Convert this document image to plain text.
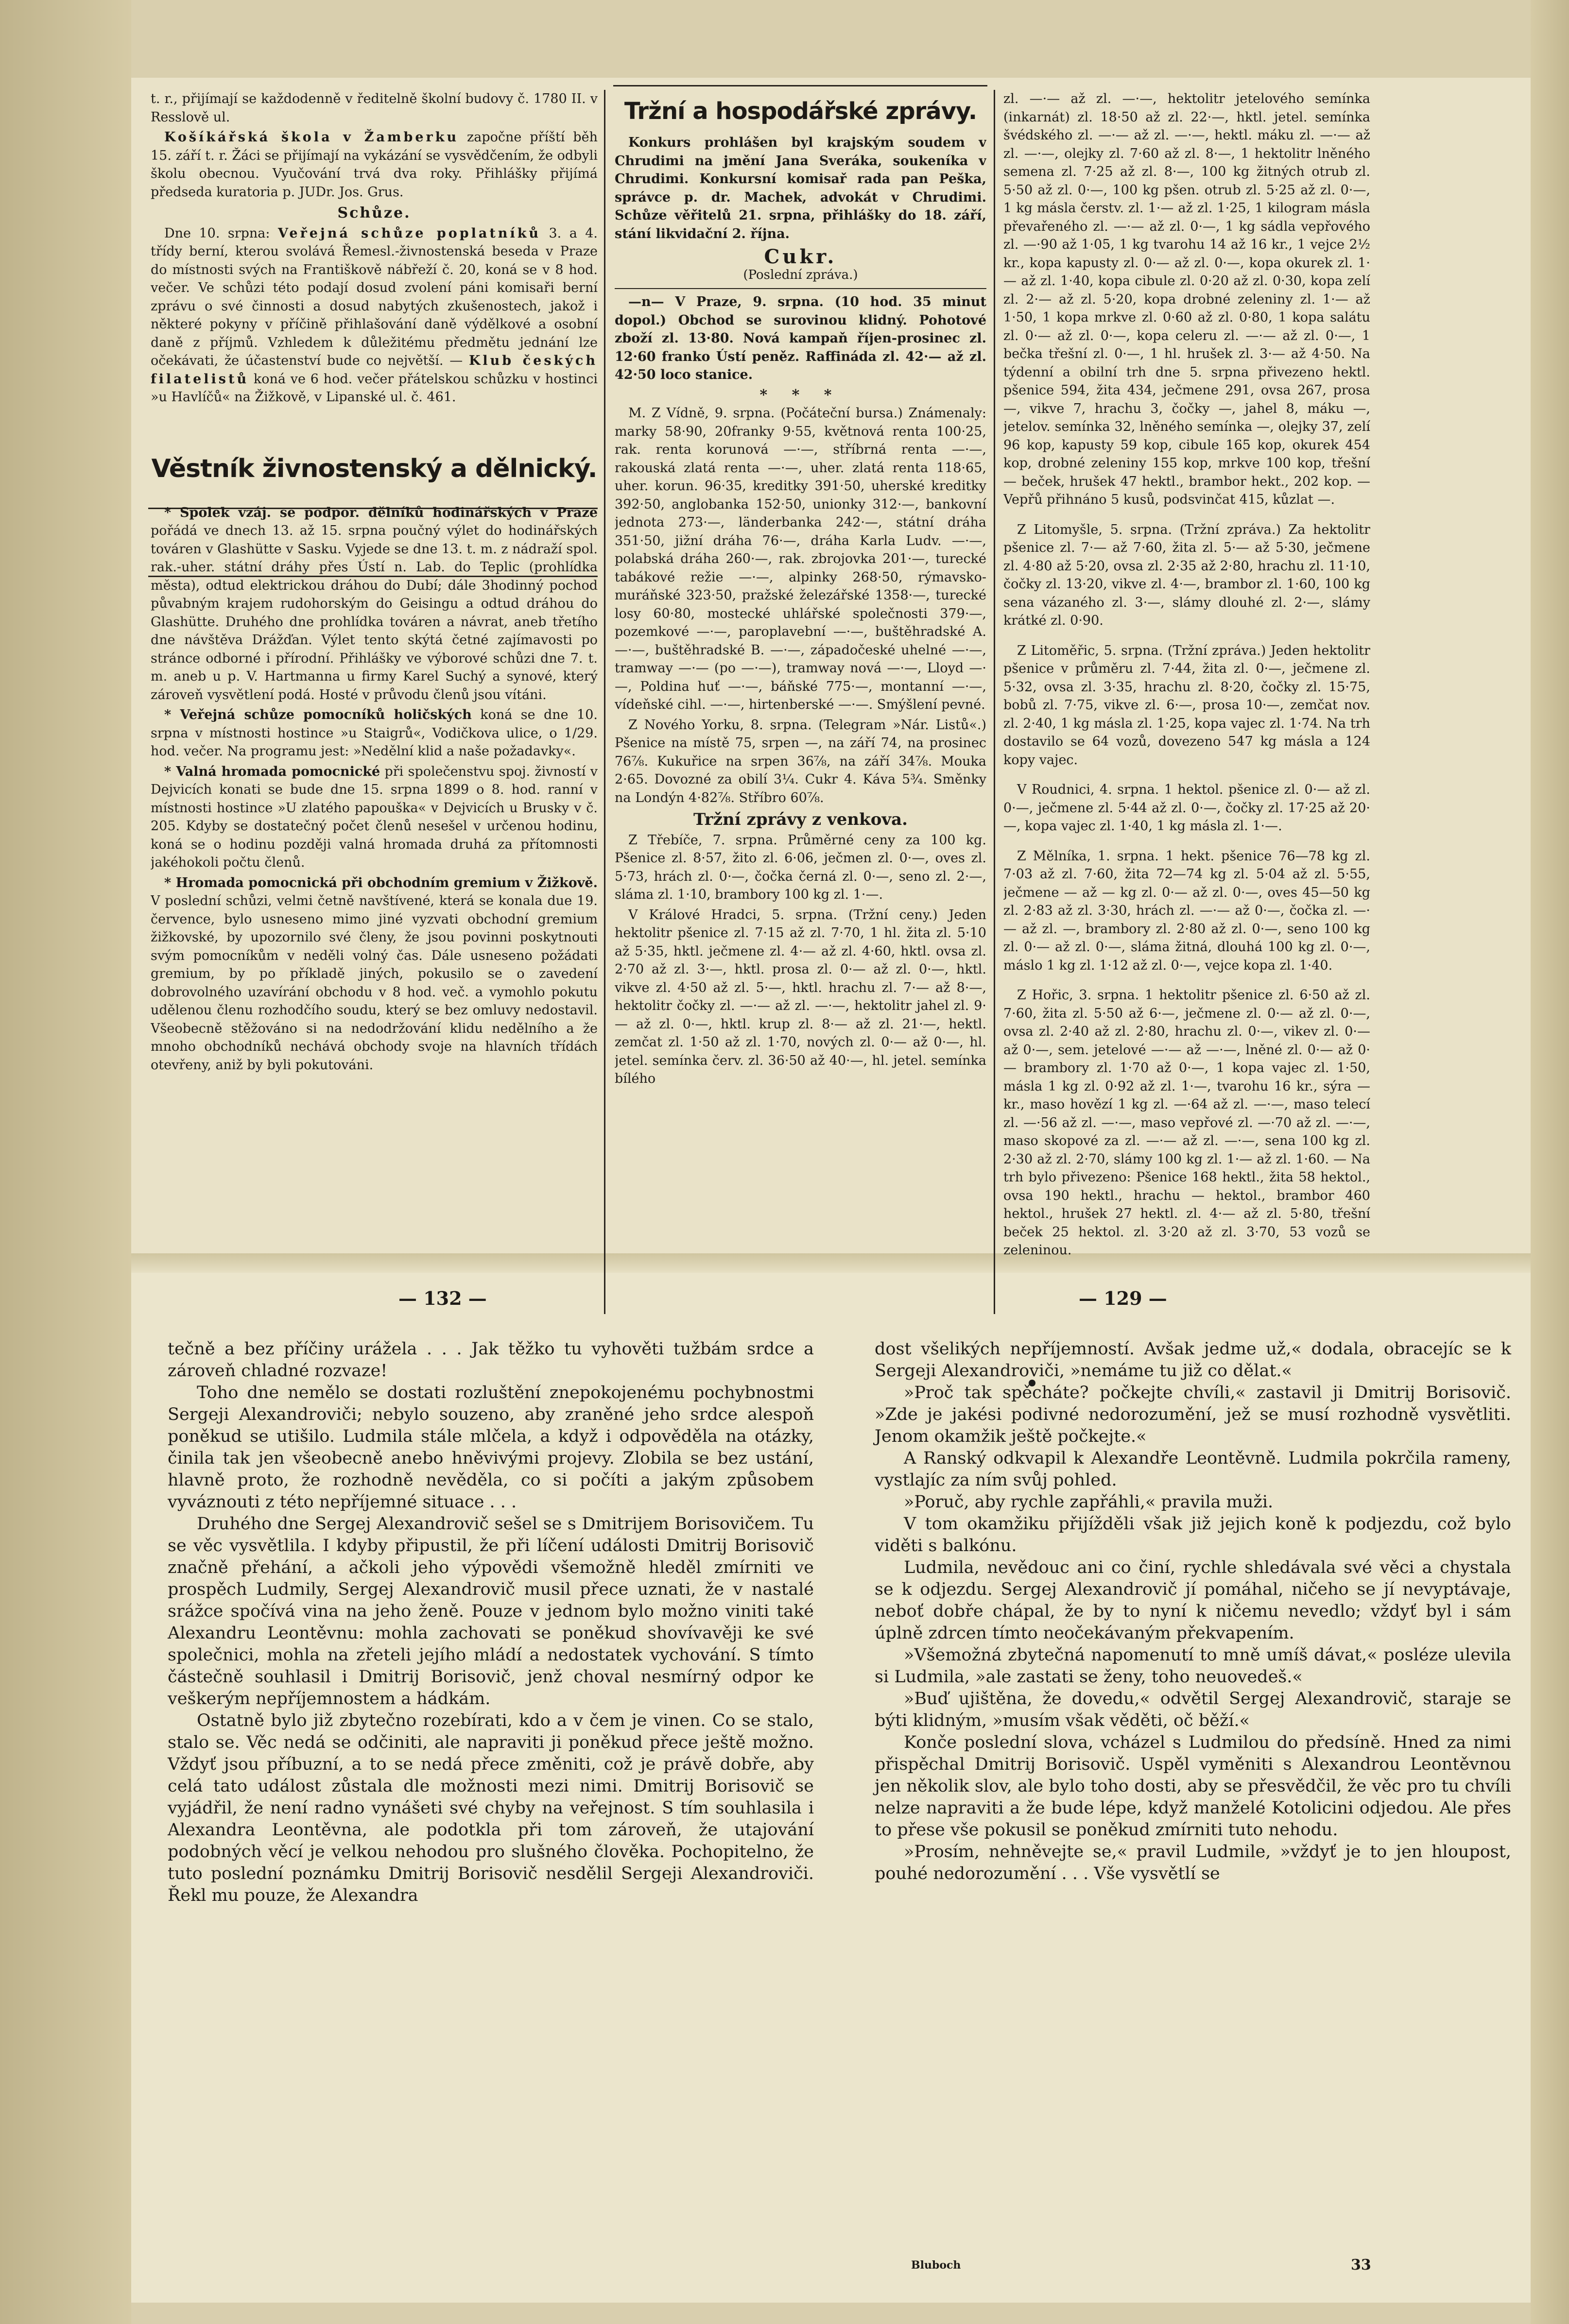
t. r., přijímají se každodenně v ředitelně školní budovy č. 1780 II. v Resslově ul.

Košíkářská škola v Žamberku započne příští běh 15. září t. r. Žáci se přijímají na vykázání se vysvědčením, že odbyli školu obecnou. Vyučování trvá dva roky. Přihlášky přijímá předseda kuratoria p. JUDr. Jos. Grus.

Schůze.

Dne 10. srpna: Veřejná schůze poplatníků 3. a 4. třídy berní, kterou svolává Řemesl.-živnostenská beseda v Praze do místnosti svých na Františkově nábřeží č. 20, koná se v 8 hod. večer. Ve schůzi této podají dosud zvolení páni komisaři berní zprávu o své činnosti a dosud nabytých zkušenostech, jakož i některé pokyny v příčině přihlašování daně výdělkové a osobní daně z příjmů. Vzhledem k důležitému předmětu jednání lze očekávati, že účastenství bude co největší. — Klub českých filatelistů koná ve 6 hod. večer přátelskou schůzku v hostinci »u Havlíčů« na Žižkově, v Lipanské ul. č. 461.

Věstník živnostenský a dělnický.

* Spolek vzáj. se podpor. dělníků hodinářských v Praze pořádá ve dnech 13. až 15. srpna poučný výlet do hodinářských továren v Glashütte v Sasku. Vyjede se dne 13. t. m. z nádraží spol. rak.-uher. státní dráhy přes Ústí n. Lab. do Teplic (prohlídka města), odtud elektrickou dráhou do Dubí; dále 3hodinný pochod půvabným krajem rudohorským do Geisingu a odtud dráhou do Glashütte. Druhého dne prohlídka továren a návrat, aneb třetího dne návštěva Drážďan. Výlet tento skýtá četné zajímavosti po stránce odborné i přírodní. Přihlášky ve výborové schůzi dne 7. t. m. aneb u p. V. Hartmanna u firmy Karel Suchý a synové, který zároveň vysvětlení podá. Hosté v průvodu členů jsou vítáni.

* Veřejná schůze pomocníků holičských koná se dne 10. srpna v místnosti hostince »u Staigrů«, Vodičkova ulice, o 1/29. hod. večer. Na programu jest: »Nedělní klid a naše požadavky«.

* Valná hromada pomocnické při společenstvu spoj. živností v Dejvicích konati se bude dne 15. srpna 1899 o 8. hod. ranní v místnosti hostince »U zlatého papouška« v Dejvicích u Brusky v č. 205. Kdyby se dostatečný počet členů nesešel v určenou hodinu, koná se o hodinu později valná hromada druhá za přítomnosti jakéhokoli počtu členů.

* Hromada pomocnická při obchodním gremium v Žižkově. V poslední schůzi, velmi četně navštívené, která se konala due 19. července, bylo usneseno mimo jiné vyzvati obchodní gremium žižkovské, by upozornilo své členy, že jsou povinni poskytnouti svým pomocníkům v neděli volný čas. Dále usneseno požádati gremium, by po příkladě jiných, pokusilo se o zavedení dobrovolného uzavírání obchodu v 8 hod. več. a vymohlo pokutu udělenou členu rozhodčího soudu, který se bez omluvy nedostavil. Všeobecně stěžováno si na nedodržování klidu nedělního a že mnoho obchodníků nechává obchody svoje na hlavních třídách otevřeny, aniž by byli pokutováni.

Tržní a hospodářské zprávy.

Konkurs prohlášen byl krajským soudem v Chrudimi na jmění Jana Sveráka, soukeníka v Chrudimi. Konkursní komisař rada pan Peška, správce p. dr. Machek, advokát v Chrudimi. Schůze věřitelů 21. srpna, přihlášky do 18. září, stání likvidační 2. října.

Cukr.
(Poslední zpráva.)

—n— V Praze, 9. srpna. (10 hod. 35 minut dopol.) Obchod se surovinou klidný. Pohotové zboží zl. 13·80. Nová kampaň říjen-prosinec zl. 12·60 franko Ústí peněz. Raffináda zl. 42·— až zl. 42·50 loco stanice.

* * *

M. Z Vídně, 9. srpna. (Počáteční bursa.) Známenaly: marky 58·90, 20franky 9·55, květnová renta 100·25, rak. renta korunová —·—, stříbrná renta —·—, rakouská zlatá renta —·—, uher. zlatá renta 118·65, uher. korun. 96·35, kreditky 391·50, uherské kreditky 392·50, anglobanka 152·50, unionky 312·—, bankovní jednota 273·—, länderbanka 242·—, státní dráha 351·50, jižní dráha 76·—, dráha Karla Ludv. —·—, polabská dráha 260·—, rak. zbrojovka 201·—, turecké tabákové režie —·—, alpinky 268·50, rýmavsko-muráňské 323·50, pražské železářské 1358·—, turecké losy 60·80, mostecké uhlářské společnosti 379·—, pozemkové —·—, paroplavební —·—, buštěhradské A. —·—, buštěhradské B. —·—, západočeské uhelné —·—, tramway —·— (po —·—), tramway nová —·—, Lloyd —·—, Poldina huť —·—, báňské 775·—, montanní —·—, vídeňské cihl. —·—, hirtenberské —·—. Smýšlení pevné.

Z Nového Yorku, 8. srpna. (Telegram »Nár. Listů«.) Pšenice na místě 75, srpen —, na září 74, na prosinec 76⅞. Kukuřice na srpen 36⅞, na září 34⅞. Mouka 2·65. Dovozné za obilí 3¼. Cukr 4. Káva 5¾. Směnky na Londýn 4·82⅞. Stříbro 60⅞.

Tržní zprávy z venkova.

Z Třebíče, 7. srpna. Průměrné ceny za 100 kg. Pšenice zl. 8·57, žito zl. 6·06, ječmen zl. 0·—, oves zl. 5·73, hrách zl. 0·—, čočka černá zl. 0·—, seno zl. 2·—, sláma zl. 1·10, brambory 100 kg zl. 1·—.

V Králové Hradci, 5. srpna. (Tržní ceny.) Jeden hektolitr pšenice zl. 7·15 až zl. 7·70, 1 hl. žita zl. 5·10 až 5·35, hktl. ječmene zl. 4·— až zl. 4·60, hktl. ovsa zl. 2·70 až zl. 3·—, hktl. prosa zl. 0·— až zl. 0·—, hktl. vikve zl. 4·50 až zl. 5·—, hktl. hrachu zl. 7·— až 8·—, hektolitr čočky zl. —·— až zl. —·—, hektolitr jahel zl. 9·— až zl. 0·—, hktl. krup zl. 8·— až zl. 21·—, hektl. zemčat zl. 1·50 až zl. 1·70, nových zl. 0·— až 0·—, hl. jetel. semínka červ. zl. 36·50 až 40·—, hl. jetel. semínka bílého

zl. —·— až zl. —·—, hektolitr jetelového semínka (inkarnát) zl. 18·50 až zl. 22·—, hktl. jetel. semínka švédského zl. —·— až zl. —·—, hektl. máku zl. —·— až zl. —·—, olejky zl. 7·60 až zl. 8·—, 1 hektolitr lněného semena zl. 7·25 až zl. 8·—, 100 kg žitných otrub zl. 5·50 až zl. 0·—, 100 kg pšen. otrub zl. 5·25 až zl. 0·—, 1 kg másla čerstv. zl. 1·— až zl. 1·25, 1 kilogram másla převařeného zl. —·— až zl. 0·—, 1 kg sádla vepřového zl. —·90 až 1·05, 1 kg tvarohu 14 až 16 kr., 1 vejce 2½ kr., kopa kapusty zl. 0·— až zl. 0·—, kopa okurek zl. 1·— až zl. 1·40, kopa cibule zl. 0·20 až zl. 0·30, kopa zelí zl. 2·— až zl. 5·20, kopa drobné zeleniny zl. 1·— až 1·50, 1 kopa mrkve zl. 0·60 až zl. 0·80, 1 kopa salátu zl. 0·— až zl. 0·—, kopa celeru zl. —·— až zl. 0·—, 1 bečka třešní zl. 0·—, 1 hl. hrušek zl. 3·— až 4·50. Na týdenní a obilní trh dne 5. srpna přivezeno hektl. pšenice 594, žita 434, ječmene 291, ovsa 267, prosa —, vikve 7, hrachu 3, čočky —, jahel 8, máku —, jetelov. semínka 32, lněného semínka —, olejky 37, zelí 96 kop, kapusty 59 kop, cibule 165 kop, okurek 454 kop, drobné zeleniny 155 kop, mrkve 100 kop, třešní — beček, hrušek 47 hektl., brambor hekt., 202 kop. — Vepřů přihnáno 5 kusů, podsvinčat 415, kůzlat —.

Z Litomyšle, 5. srpna. (Tržní zpráva.) Za hektolitr pšenice zl. 7·— až 7·60, žita zl. 5·— až 5·30, ječmene zl. 4·80 až 5·20, ovsa zl. 2·35 až 2·80, hrachu zl. 11·10, čočky zl. 13·20, vikve zl. 4·—, brambor zl. 1·60, 100 kg sena vázaného zl. 3·—, slámy dlouhé zl. 2·—, slámy krátké zl. 0·90.

Z Litoměřic, 5. srpna. (Tržní zpráva.) Jeden hektolitr pšenice v průměru zl. 7·44, žita zl. 0·—, ječmene zl. 5·32, ovsa zl. 3·35, hrachu zl. 8·20, čočky zl. 15·75, bobů zl. 7·75, vikve zl. 6·—, prosa 10·—, zemčat nov. zl. 2·40, 1 kg másla zl. 1·25, kopa vajec zl. 1·74. Na trh dostavilo se 64 vozů, dovezeno 547 kg másla a 124 kopy vajec.

V Roudnici, 4. srpna. 1 hektol. pšenice zl. 0·— až zl. 0·—, ječmene zl. 5·44 až zl. 0·—, čočky zl. 17·25 až 20·—, kopa vajec zl. 1·40, 1 kg másla zl. 1·—.

Z Mělníka, 1. srpna. 1 hekt. pšenice 76—78 kg zl. 7·03 až zl. 7·60, žita 72—74 kg zl. 5·04 až zl. 5·55, ječmene — až — kg zl. 0·— až zl. 0·—, oves 45—50 kg zl. 2·83 až zl. 3·30, hrách zl. —·— až 0·—, čočka zl. —·— až zl. —, brambory zl. 2·80 až zl. 0·—, seno 100 kg zl. 0·— až zl. 0·—, sláma žitná, dlouhá 100 kg zl. 0·—, máslo 1 kg zl. 1·12 až zl. 0·—, vejce kopa zl. 1·40.

Z Hořic, 3. srpna. 1 hektolitr pšenice zl. 6·50 až zl. 7·60, žita zl. 5·50 až 6·—, ječmene zl. 0·— až zl. 0·—, ovsa zl. 2·40 až zl. 2·80, hrachu zl. 0·—, vikev zl. 0·— až 0·—, sem. jetelové —·— až —·—, lněné zl. 0·— až 0·— brambory zl. 1·70 až 0·—, 1 kopa vajec zl. 1·50, másla 1 kg zl. 0·92 až zl. 1·—, tvarohu 16 kr., sýra — kr., maso hovězí 1 kg zl. —·64 až zl. —·—, maso telecí zl. —·56 až zl. —·—, maso vepřové zl. —·70 až zl. —·—, maso skopové za zl. —·— až zl. —·—, sena 100 kg zl. 2·30 až zl. 2·70, slámy 100 kg zl. 1·— až zl. 1·60. — Na trh bylo přivezeno: Pšenice 168 hektl., žita 58 hektol., ovsa 190 hektl., hrachu — hektol., brambor 460 hektol., hrušek 27 hektl. zl. 4·— až zl. 5·80, třešní beček 25 hektol. zl. 3·20 až zl. 3·70, 53 vozů se zeleninou.

— 132 —	— 129 —

tečně a bez příčiny urážela . . . Jak těžko tu vyhověti tužbám srdce a zároveň chladné rozvaze!

Toho dne nemělo se dostati rozluštění znepokojenému pochybnostmi Sergeji Alexandroviči; nebylo souzeno, aby zraněné jeho srdce alespoň poněkud se utišilo. Ludmila stále mlčela, a když i odpověděla na otázky, činila tak jen všeobecně anebo hněvivými projevy. Zlobila se bez ustání, hlavně proto, že rozhodně nevěděla, co si počíti a jakým způsobem vyváznouti z této nepříjemné situace . . .

Druhého dne Sergej Alexandrovič sešel se s Dmitrijem Borisovičem. Tu se věc vysvětlila. I kdyby připustil, že při líčení události Dmitrij Borisovič značně přehání, a ačkoli jeho výpovědi všemožně hleděl zmírniti ve prospěch Ludmily, Sergej Alexandrovič musil přece uznati, že v nastalé srážce spočívá vina na jeho ženě. Pouze v jednom bylo možno viniti také Alexandru Leontěvnu: mohla zachovati se poněkud shovívavěji ke své společnici, mohla na zřeteli jejího mládí a nedostatek vychování. S tímto částečně souhlasil i Dmitrij Borisovič, jenž choval nesmírný odpor ke veškerým nepříjemnostem a hádkám.

Ostatně bylo již zbytečno rozebírati, kdo a v čem je vinen. Co se stalo, stalo se. Věc nedá se odčiniti, ale napraviti ji poněkud přece ještě možno. Vždyť jsou příbuzní, a to se nedá přece změniti, což je právě dobře, aby celá tato událost zůstala dle možnosti mezi nimi. Dmitrij Borisovič se vyjádřil, že není radno vynášeti své chyby na veřejnost. S tím souhlasila i Alexandra Leontěvna, ale podotkla při tom zároveň, že utajování podobných věcí je velkou nehodou pro slušného člověka. Pochopitelno, že tuto poslední poznámku Dmitrij Borisovič nesdělil Sergeji Alexandroviči. Řekl mu pouze, že Alexandra

dost všelikých nepříjemností. Avšak jedme už,« dodala, obracejíc se k Sergeji Alexandroviči, »nemáme tu již co dělat.«

»Proč tak spěcháte? počkejte chvíli,« zastavil ji Dmitrij Borisovič. »Zde je jakési podivné nedorozumění, jež se musí rozhodně vysvětliti. Jenom okamžik ještě počkejte.«

A Ranský odkvapil k Alexandře Leontěvně. Ludmila pokrčila rameny, vystlajíc za ním svůj pohled.

»Poruč, aby rychle zapřáhli,« pravila muži.

V tom okamžiku přijížděli však již jejich koně k podjezdu, což bylo viděti s balkónu.

Ludmila, nevědouc ani co činí, rychle shledávala své věci a chystala se k odjezdu. Sergej Alexandrovič jí pomáhal, ničeho se jí nevyptávaje, neboť dobře chápal, že by to nyní k ničemu nevedlo; vždyť byl i sám úplně zdrcen tímto neočekávaným překvapením.

»Všemožná zbytečná napomenutí to mně umíš dávat,« posléze ulevila si Ludmila, »ale zastati se ženy, toho neuovedeš.«

»Buď ujištěna, že dovedu,« odvětil Sergej Alexandrovič, staraje se býti klidným, »musím však věděti, oč běží.«

Konče poslední slova, vcházel s Ludmilou do předsíně. Hned za nimi přispěchal Dmitrij Borisovič. Uspěl vyměniti s Alexandrou Leontěvnou jen několik slov, ale bylo toho dosti, aby se přesvědčil, že věc pro tu chvíli nelze napraviti a že bude lépe, když manželé Kotolicini odjedou. Ale přes to přese vše pokusil se poněkud zmírniti tuto nehodu.

»Prosím, nehněvejte se,« pravil Ludmile, »vždyť je to jen hloupost, pouhé nedorozumění . . . Vše vysvětlí se

Bluboch	33
